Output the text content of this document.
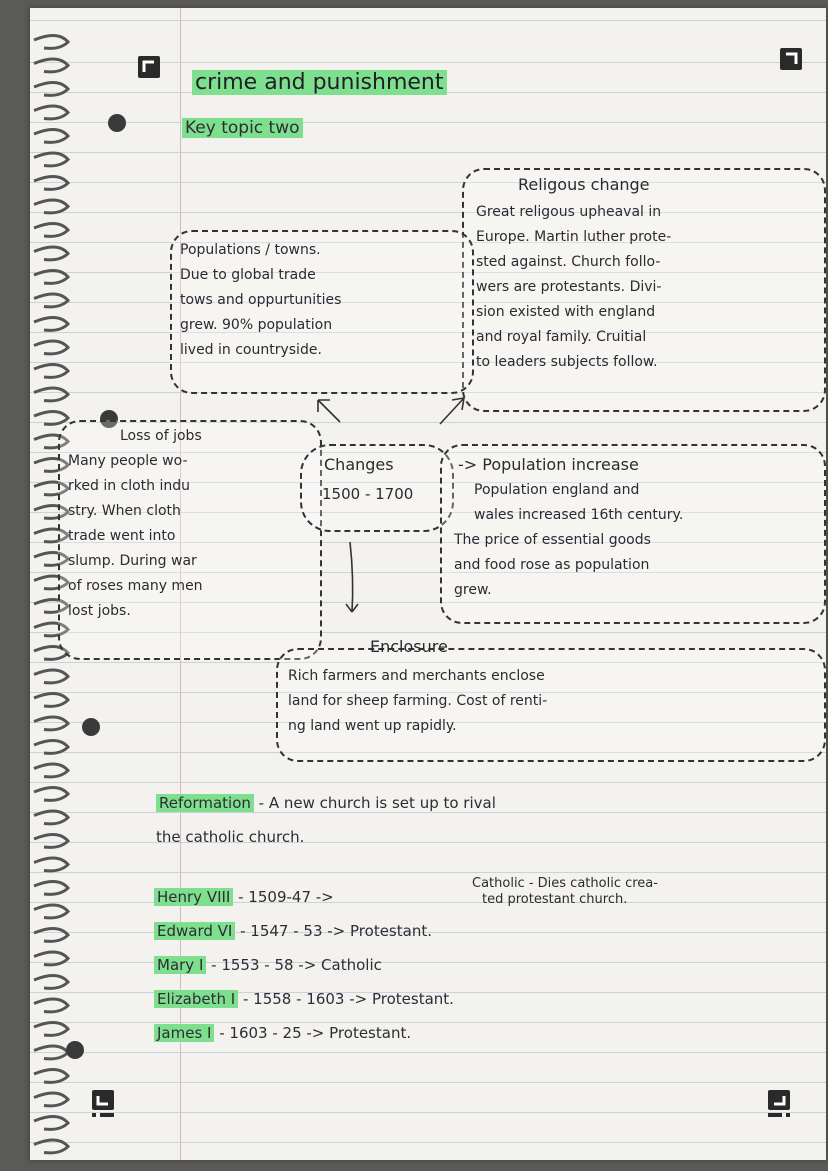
crime and punishment
Key topic two
Religous change
Great religous upheaval in
Europe. Martin luther prote-
sted against. Church follo-
wers are protestants. Divi-
sion existed with england
and royal family. Cruitial
to leaders subjects follow.
Populations / towns.
Due to global trade
tows and oppurtunities
grew. 90% population
lived in countryside.
Loss of jobs
Many people wo-
rked in cloth indu
stry. When cloth
trade went into
slump. During war
of roses many men
lost jobs.
Changes
1500 - 1700
-> Population increase
Population england and
wales increased 16th century.
The price of essential goods
and food rose as population
grew.
Enclosure
Rich farmers and merchants enclose
land for sheep farming. Cost of renti-
ng land went up rapidly.
Reformation - A new church is set up to rival
the catholic church.
Henry VIII - 1509-47 ->
Catholic - Dies catholic crea-
ted protestant church.
Edward VI - 1547 - 53 -> Protestant.
Mary I - 1553 - 58 -> Catholic
Elizabeth I - 1558 - 1603 -> Protestant.
James I - 1603 - 25 -> Protestant.
